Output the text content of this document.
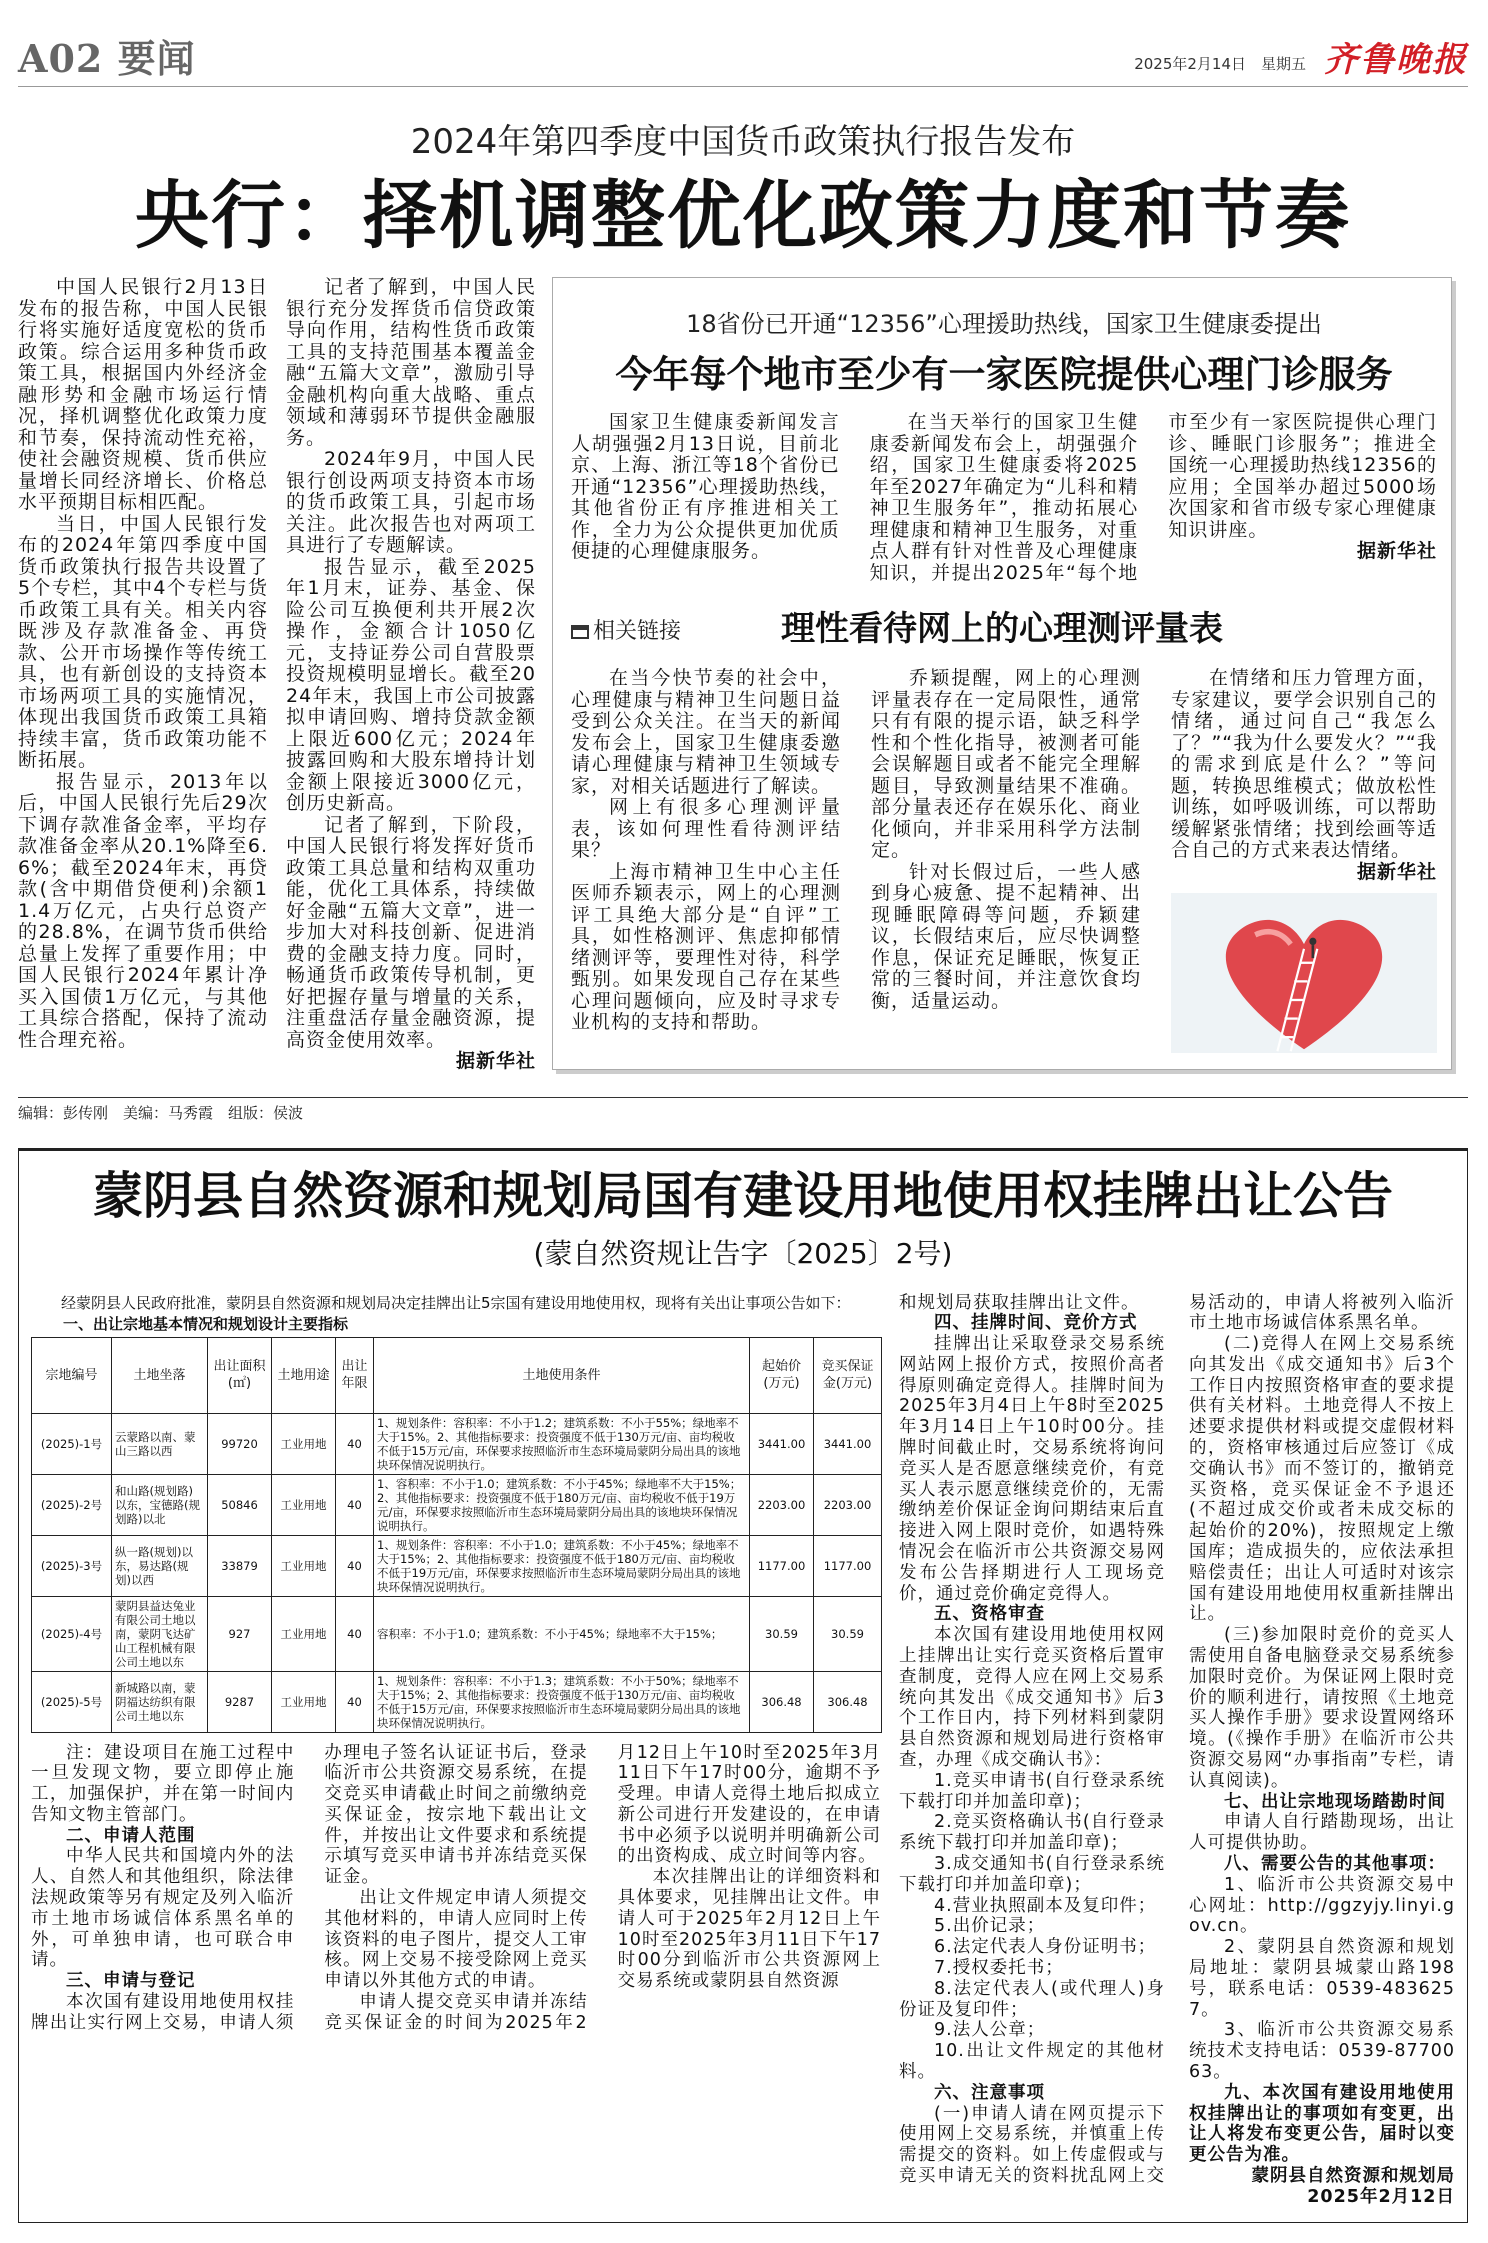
A02 要闻	2025年2月14日　星期五 齐鲁晚报
2024年第四季度中国货币政策执行报告发布
央行：择机调整优化政策力度和节奏

中国人民银行2月13日发布的报告称，中国人民银行将实施好适度宽松的货币政策。综合运用多种货币政策工具，根据国内外经济金融形势和金融市场运行情况，择机调整优化政策力度和节奏，保持流动性充裕，使社会融资规模、货币供应量增长同经济增长、价格总水平预期目标相匹配。

当日，中国人民银行发布的2024年第四季度中国货币政策执行报告共设置了5个专栏，其中4个专栏与货币政策工具有关。相关内容既涉及存款准备金、再贷款、公开市场操作等传统工具，也有新创设的支持资本市场两项工具的实施情况，体现出我国货币政策工具箱持续丰富，货币政策功能不断拓展。

报告显示，2013年以后，中国人民银行先后29次下调存款准备金率，平均存款准备金率从20.1%降至6.6%；截至2024年末，再贷款(含中期借贷便利)余额11.4万亿元，占央行总资产的28.8%，在调节货币供给总量上发挥了重要作用；中国人民银行2024年累计净买入国债1万亿元，与其他工具综合搭配，保持了流动性合理充裕。

记者了解到，中国人民银行充分发挥货币信贷政策导向作用，结构性货币政策工具的支持范围基本覆盖金融“五篇大文章”，激励引导金融机构向重大战略、重点领域和薄弱环节提供金融服务。

2024年9月，中国人民银行创设两项支持资本市场的货币政策工具，引起市场关注。此次报告也对两项工具进行了专题解读。

报告显示，截至2025年1月末，证券、基金、保险公司互换便利共开展2次操作，金额合计1050亿元，支持证券公司自营股票投资规模明显增长。截至2024年末，我国上市公司披露拟申请回购、增持贷款金额上限近600亿元；2024年披露回购和大股东增持计划金额上限接近3000亿元，创历史新高。

记者了解到，下阶段，中国人民银行将发挥好货币政策工具总量和结构双重功能，优化工具体系，持续做好金融“五篇大文章”，进一步加大对科技创新、促进消费的金融支持力度。同时，畅通货币政策传导机制，更好把握存量与增量的关系，注重盘活存量金融资源，提高资金使用效率。

据新华社

18省份已开通“12356”心理援助热线，国家卫生健康委提出
今年每个地市至少有一家医院提供心理门诊服务

国家卫生健康委新闻发言人胡强强2月13日说，目前北京、上海、浙江等18个省份已开通“12356”心理援助热线，其他省份正有序推进相关工作，全力为公众提供更加优质便捷的心理健康服务。

在当天举行的国家卫生健康委新闻发布会上，胡强强介绍，国家卫生健康委将2025年至2027年确定为“儿科和精神卫生服务年”，推动拓展心理健康和精神卫生服务，对重点人群有针对性普及心理健康知识，并提出2025年“每个地市至少有一家医院提供心理门诊、睡眠门诊服务”；推进全国统一心理援助热线12356的应用；全国举办超过5000场次国家和省市级专家心理健康知识讲座。

据新华社

相关链接	理性看待网上的心理测评量表

在当今快节奏的社会中，心理健康与精神卫生问题日益受到公众关注。在当天的新闻发布会上，国家卫生健康委邀请心理健康与精神卫生领域专家，对相关话题进行了解读。

网上有很多心理测评量表，该如何理性看待测评结果？

上海市精神卫生中心主任医师乔颖表示，网上的心理测评工具绝大部分是“自评”工具，如性格测评、焦虑抑郁情绪测评等，要理性对待，科学甄别。如果发现自己存在某些心理问题倾向，应及时寻求专业机构的支持和帮助。

乔颖提醒，网上的心理测评量表存在一定局限性，通常只有有限的提示语，缺乏科学性和个性化指导，被测者可能会误解题目或者不能完全理解题目，导致测量结果不准确。部分量表还存在娱乐化、商业化倾向，并非采用科学方法制定。

针对长假过后，一些人感到身心疲惫、提不起精神、出现睡眠障碍等问题，乔颖建议，长假结束后，应尽快调整作息，保证充足睡眠，恢复正常的三餐时间，并注意饮食均衡，适量运动。

在情绪和压力管理方面，专家建议，要学会识别自己的情绪，通过问自己“我怎么了？”“我为什么要发火？”“我的需求到底是什么？”等问题，转换思维模式；做放松性训练，如呼吸训练，可以帮助缓解紧张情绪；找到绘画等适合自己的方式来表达情绪。

据新华社

编辑：彭传刚　美编：马秀霞　组版：侯波
蒙阴县自然资源和规划局国有建设用地使用权挂牌出让公告
(蒙自然资规让告字〔2025〕2号)
经蒙阴县人民政府批准，蒙阴县自然资源和规划局决定挂牌出让5宗国有建设用地使用权，现将有关出让事项公告如下：
一、出让宗地基本情况和规划设计主要指标
宗地编号	土地坐落	出让面积(㎡)	土地用途	出让年限	土地使用条件	起始价(万元)	竞买保证金(万元)
(2025)-1号	云蒙路以南、蒙山三路以西	99720	工业用地	40	1、规划条件：容积率：不小于1.2；建筑系数：不小于55%；绿地率不大于15%。2、其他指标要求：投资强度不低于130万元/亩、亩均税收不低于15万元/亩，环保要求按照临沂市生态环境局蒙阴分局出具的该地块环保情况说明执行。	3441.00	3441.00
(2025)-2号	和山路(规划路)以东，宝德路(规划路)以北	50846	工业用地	40	1、容积率：不小于1.0；建筑系数：不小于45%；绿地率不大于15%；2、其他指标要求：投资强度不低于180万元/亩、亩均税收不低于19万元/亩，环保要求按照临沂市生态环境局蒙阴分局出具的该地块环保情况说明执行。	2203.00	2203.00
(2025)-3号	纵一路(规划)以东，易达路(规划)以西	33879	工业用地	40	1、规划条件：容积率：不小于1.0；建筑系数：不小于45%；绿地率不大于15%；2、其他指标要求：投资强度不低于180万元/亩、亩均税收不低于19万元/亩，环保要求按照临沂市生态环境局蒙阴分局出具的该地块环保情况说明执行。	1177.00	1177.00
(2025)-4号	蒙阴县益达兔业有限公司土地以南，蒙阴飞达矿山工程机械有限公司土地以东	927	工业用地	40	容积率：不小于1.0；建筑系数：不小于45%；绿地率不大于15%；	30.59	30.59
(2025)-5号	新城路以南，蒙阴福达纺织有限公司土地以东	9287	工业用地	40	1、规划条件：容积率：不小于1.3；建筑系数：不小于50%；绿地率不大于15%；2、其他指标要求：投资强度不低于130万元/亩、亩均税收不低于15万元/亩，环保要求按照临沂市生态环境局蒙阴分局出具的该地块环保情况说明执行。	306.48	306.48

注：建设项目在施工过程中一旦发现文物，要立即停止施工，加强保护，并在第一时间内告知文物主管部门。

二、申请人范围

中华人民共和国境内外的法人、自然人和其他组织，除法律法规政策等另有规定及列入临沂市土地市场诚信体系黑名单的外，可单独申请，也可联合申请。

三、申请与登记

本次国有建设用地使用权挂牌出让实行网上交易，申请人须办理电子签名认证证书后，登录临沂市公共资源交易系统，在提交竞买申请截止时间之前缴纳竞买保证金，按宗地下载出让文件，并按出让文件要求和系统提示填写竞买申请书并冻结竞买保证金。

出让文件规定申请人须提交其他材料的，申请人应同时上传该资料的电子图片，提交人工审核。网上交易不接受除网上竞买申请以外其他方式的申请。

申请人提交竞买申请并冻结竞买保证金的时间为2025年2月12日上午10时至2025年3月11日下午17时00分，逾期不予受理。申请人竞得土地后拟成立新公司进行开发建设的，在申请书中必须予以说明并明确新公司的出资构成、成立时间等内容。

本次挂牌出让的详细资料和具体要求，见挂牌出让文件。申请人可于2025年2月12日上午10时至2025年3月11日下午17时00分到临沂市公共资源网上交易系统或蒙阴县自然资源

和规划局获取挂牌出让文件。

四、挂牌时间、竞价方式

挂牌出让采取登录交易系统网站网上报价方式，按照价高者得原则确定竞得人。挂牌时间为2025年3月4日上午8时至2025年3月14日上午10时00分。挂牌时间截止时，交易系统将询问竞买人是否愿意继续竞价，有竞买人表示愿意继续竞价的，无需缴纳差价保证金询问期结束后直接进入网上限时竞价，如遇特殊情况会在临沂市公共资源交易网发布公告择期进行人工现场竞价，通过竞价确定竞得人。

五、资格审查

本次国有建设用地使用权网上挂牌出让实行竞买资格后置审查制度，竞得人应在网上交易系统向其发出《成交通知书》后3个工作日内，持下列材料到蒙阴县自然资源和规划局进行资格审查，办理《成交确认书》：

1.竞买申请书(自行登录系统下载打印并加盖印章)；

2.竞买资格确认书(自行登录系统下载打印并加盖印章)；

3.成交通知书(自行登录系统下载打印并加盖印章)；

4.营业执照副本及复印件；

5.出价记录；

6.法定代表人身份证明书；

7.授权委托书；

8.法定代表人(或代理人)身份证及复印件；

9.法人公章；

10.出让文件规定的其他材料。

六、注意事项

(一)申请人请在网页提示下使用网上交易系统，并慎重上传需提交的资料。如上传虚假或与竞买申请无关的资料扰乱网上交易活动的，申请人将被列入临沂市土地市场诚信体系黑名单。

(二)竞得人在网上交易系统向其发出《成交通知书》后3个工作日内按照资格审查的要求提供有关材料。土地竞得人不按上述要求提供材料或提交虚假材料的，资格审核通过后应签订《成交确认书》而不签订的，撤销竞买资格，竞买保证金不予退还(不超过成交价或者未成交标的起始价的20%)，按照规定上缴国库；造成损失的，应依法承担赔偿责任；出让人可适时对该宗国有建设用地使用权重新挂牌出让。

(三)参加限时竞价的竞买人需使用自备电脑登录交易系统参加限时竞价。为保证网上限时竞价的顺利进行，请按照《土地竞买人操作手册》要求设置网络环境。(《操作手册》在临沂市公共资源交易网“办事指南”专栏，请认真阅读)。

七、出让宗地现场踏勘时间

申请人自行踏勘现场，出让人可提供协助。

八、需要公告的其他事项：

1、临沂市公共资源交易中心网址：http://ggzyjy.linyi.gov.cn。

2、蒙阴县自然资源和规划局地址：蒙阴县城蒙山路198号，联系电话：0539-4836257。

3、临沂市公共资源交易系统技术支持电话：0539-8770063。

九、本次国有建设用地使用权挂牌出让的事项如有变更，出让人将发布变更公告，届时以变更公告为准。

蒙阴县自然资源和规划局

2025年2月12日
